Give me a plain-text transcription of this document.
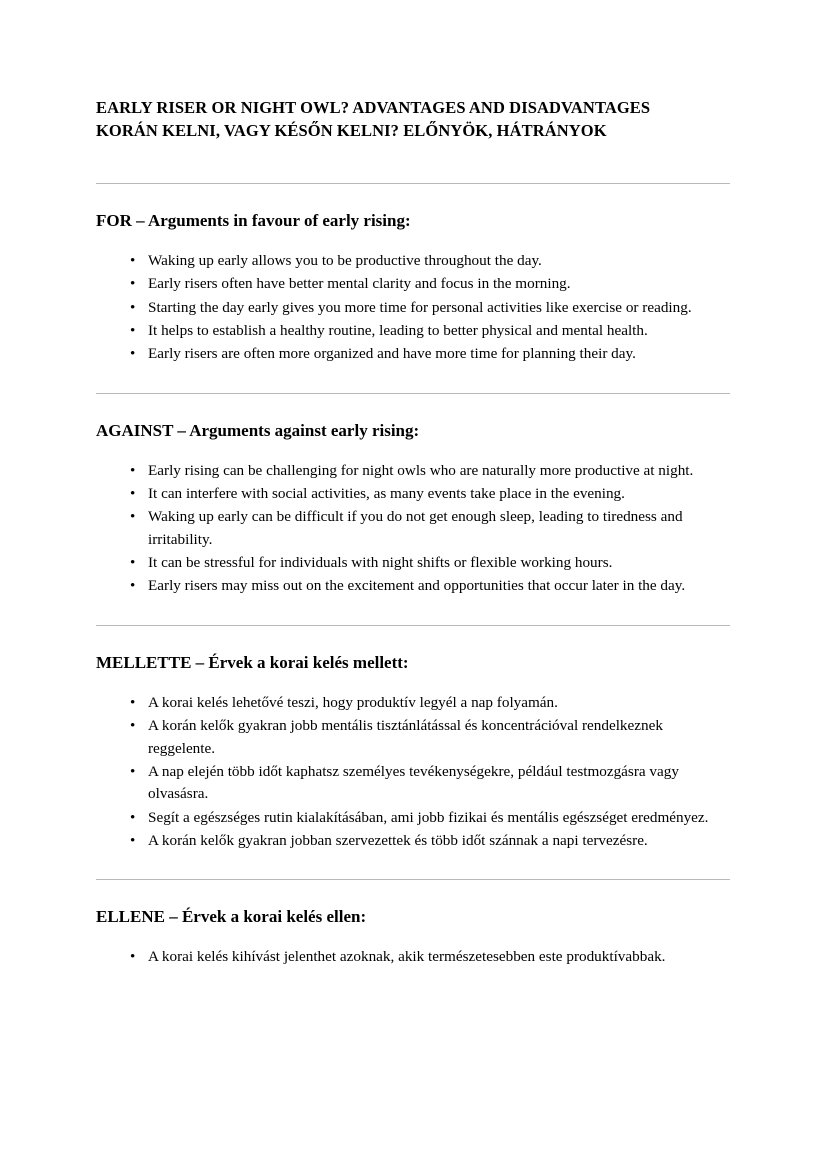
EARLY RISER OR NIGHT OWL? ADVANTAGES AND DISADVANTAGES
KORÁN KELNI, VAGY KÉSŐN KELNI? ELŐNYÖK, HÁTRÁNYOK
FOR – Arguments in favour of early rising:
• Waking up early allows you to be productive throughout the day.
• Early risers often have better mental clarity and focus in the morning.
• Starting the day early gives you more time for personal activities like exercise or reading.
• It helps to establish a healthy routine, leading to better physical and mental health.
• Early risers are often more organized and have more time for planning their day.
AGAINST – Arguments against early rising:
• Early rising can be challenging for night owls who are naturally more productive at night.
• It can interfere with social activities, as many events take place in the evening.
• Waking up early can be difficult if you do not get enough sleep, leading to tiredness and irritability.
• It can be stressful for individuals with night shifts or flexible working hours.
• Early risers may miss out on the excitement and opportunities that occur later in the day.
MELLETTE – Érvek a korai kelés mellett:
• A korai kelés lehetővé teszi, hogy produktív legyél a nap folyamán.
• A korán kelők gyakran jobb mentális tisztánlátással és koncentrációval rendelkeznek reggelente.
• A nap elején több időt kaphatsz személyes tevékenységekre, például testmozgásra vagy olvasásra.
• Segít a egészséges rutin kialakításában, ami jobb fizikai és mentális egészséget eredményez.
• A korán kelők gyakran jobban szervezettek és több időt szánnak a napi tervezésre.
ELLENE – Érvek a korai kelés ellen:
• A korai kelés kihívást jelenthet azoknak, akik természetesebben este produktívabbak.
